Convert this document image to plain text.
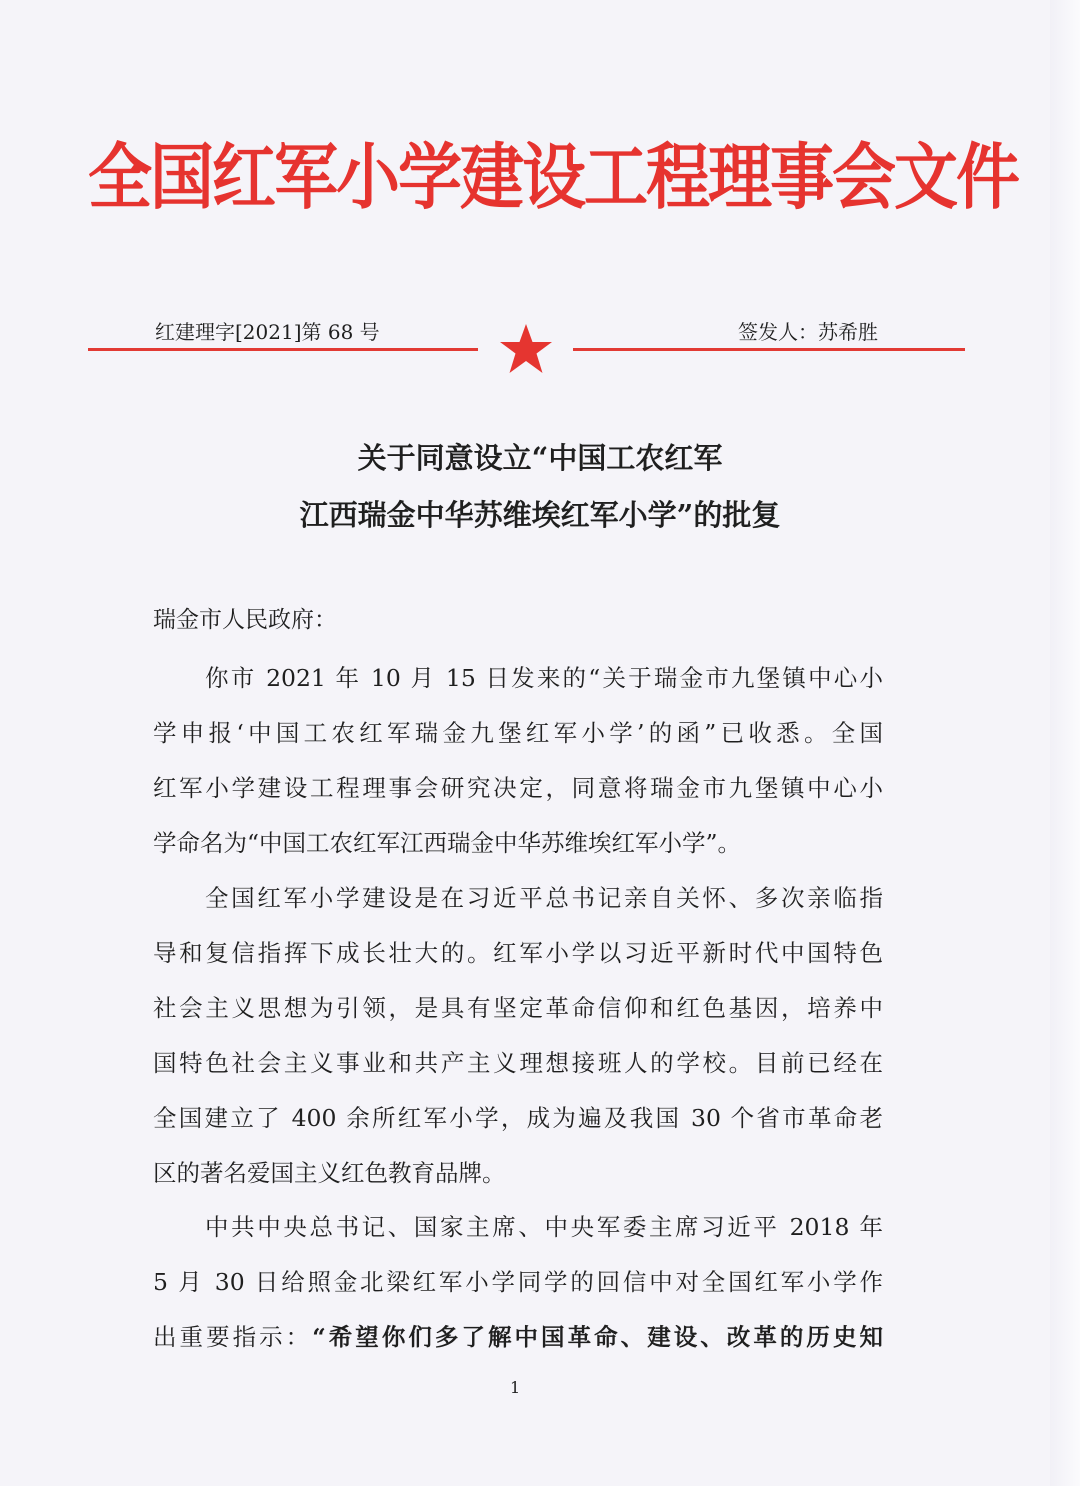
全国红军小学建设工程理事会文件
红建理字[2021]第 68 号	签发人：苏希胜
关于同意设立“中国工农红军
江西瑞金中华苏维埃红军小学”的批复
瑞金市人民政府：
你市 2021 年 10 月 15 日发来的“关于瑞金市九堡镇中心小
学申报‘中国工农红军瑞金九堡红军小学’的函”已收悉。全国
红军小学建设工程理事会研究决定，同意将瑞金市九堡镇中心小
学命名为“中国工农红军江西瑞金中华苏维埃红军小学”。
全国红军小学建设是在习近平总书记亲自关怀、多次亲临指
导和复信指挥下成长壮大的。红军小学以习近平新时代中国特色
社会主义思想为引领，是具有坚定革命信仰和红色基因，培养中
国特色社会主义事业和共产主义理想接班人的学校。目前已经在
全国建立了 400 余所红军小学，成为遍及我国 30 个省市革命老
区的著名爱国主义红色教育品牌。
中共中央总书记、国家主席、中央军委主席习近平 2018 年
5 月 30 日给照金北梁红军小学同学的回信中对全国红军小学作
出重要指示：“希望你们多了解中国革命、建设、改革的历史知
1
